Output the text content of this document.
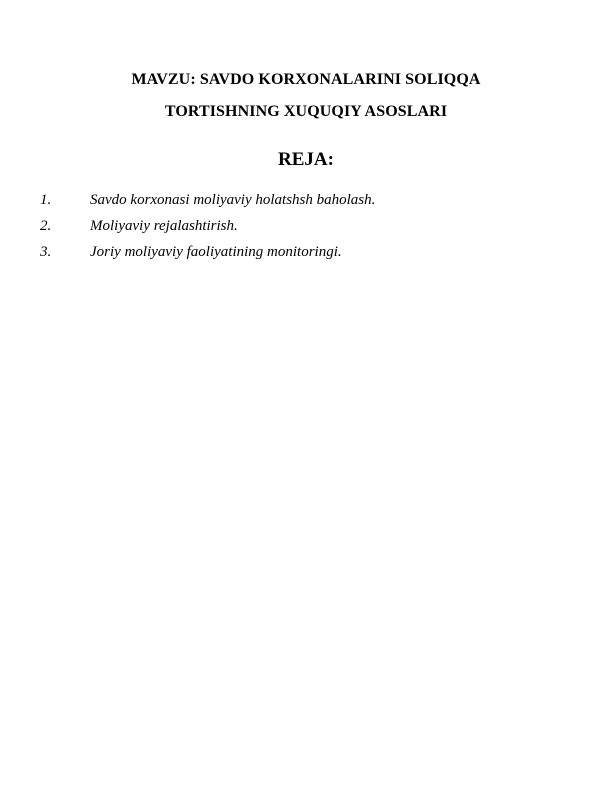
MAVZU: SAVDO KORXONALARINI SOLIQQA

TORTISHNING XUQUQIY ASOSLARI

REJA:
1.	Savdo korxonasi moliyaviy holatshsh baholash.
2.	Moliyaviy rejalashtirish.
3.	Joriy moliyaviy faoliyatining monitoringi.
